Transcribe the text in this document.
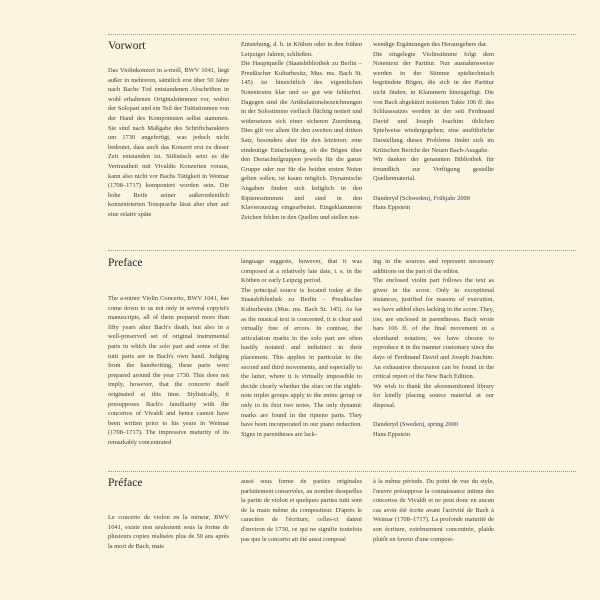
Vorwort

Das Violinkonzert in a-moll, BWV 1041, liegt außer in mehreren, sämtlich erst über 50 Jahre nach Bachs Tod entstandenen Abschriften in wohl erhaltenen Originalstimmen vor, wobei der Solopart und ein Teil der Tuttistimmen von der Hand des Komponisten selbst stammen. Sie sind nach Maßgabe des Schriftcharakters um 1730 angefertigt, was jedoch nicht bedeutet, dass auch das Konzert erst zu dieser Zeit entstanden ist. Stilistisch setzt es die Vertrautheit mit Vivaldis Konzerten voraus, kann also nicht vor Bachs Tätigkeit in Weimar (1708–1717) komponiert worden sein. Die hohe Reife seiner außerordentlich konzentrierten Tonsprache lässt aber eher auf eine relativ späte

Entstehung, d. h. in Köthen oder in den frühen Leipziger Jahren, schließen.
Die Hauptquelle (Staatsbibliothek zu Berlin – Preußischer Kulturbesitz, Mus. ms. Bach St. 145) ist hinsichtlich des eigentlichen Notentextes klar und so gut wie fehlerfrei. Dagegen sind die Artikulationsbezeichnungen in der Solostimme vielfach flüchtig notiert und widersetzen sich einer sicheren Zuordnung. Dies gilt vor allem für den zweiten und dritten Satz, besonders aber für den letzteren: eine eindeutige Entscheidung, ob die Bögen über den Dreiachtelgruppen jeweils für die ganze Gruppe oder nur für die beiden ersten Noten gelten sollen, ist kaum möglich. Dynamische Angaben finden sich lediglich in den Ripienostimmen und sind in den Klavierauszug eingearbeitet. Eingeklammerte Zeichen fehlen in den Quellen und stellen not-

wendige Ergänzungen des Herausgebers dar.
Die eingelegte Violinstimme folgt dem Notentext der Partitur. Nur ausnahmsweise werden in der Stimme spieltechnisch begründete Bögen, die sich in der Partitur nicht finden, in Klammern hinzugefügt. Die von Bach abgekürzt notierten Takte 106 ff. des Schlusssatzes werden in der seit Ferdinand David und Joseph Joachim üblichen Spielweise wiedergegeben; eine ausführliche Darstellung dieses Problems findet sich im Kritischen Bericht der Neuen Bach-Ausgabe.
Wir danken der genannten Bibliothek für freundlich zur Verfügung gestellte Quellenmaterial.

Danderyd (Schweden), Frühjahr 2000
Hans Eppstein

Preface

The a-minor Violin Concerto, BWV 1041, has come down to us not only in several copyist's manuscripts, all of them prepared more than fifty years after Bach's death, but also in a well-preserved set of original instrumental parts in which the solo part and some of the tutti parts are in Bach's own hand. Judging from the handwriting, these parts were prepared around the year 1730. This does not imply, however, that the concerto itself originated at this time. Stylistically, it presupposes Bach's familiarity with the concertos of Vivaldi and hence cannot have been written prior to his years in Weimar (1708–1717). The impressive maturity of its remarkably concentrated

language suggests, however, that it was composed at a relatively late date, i. e. in the Köthen or early Leipzig period.
The principal source is located today at the Staatsbibliothek zu Berlin – Preußischer Kulturbesitz (Mus. ms. Bach St. 145). As far as the musical text is concerned, it is clear and virtually free of errors. In contrast, the articulation marks in the solo part are often hastily notated and indistinct in their placement. This applies in particular to the second and third movements, and especially to the latter, where it is virtually impossible to decide clearly whether the slurs on the eighth-note triplet groups apply to the entire group or only to its first two notes. The only dynamic marks are found in the ripieno parts. They have been incorporated in our piano reduction. Signs in parentheses are lack-

ing in the sources and represent necessary additions on the part of the editor.
The enclosed violin part follows the text as given in the score. Only in exceptional instances, justified for reasons of execution, we have added slurs lacking in the score. They, too, are enclosed in parentheses. Bach wrote bars 106 ff. of the final movement in a shorthand notation; we have chosen to reproduce it in the manner customary since the days of Ferdinand David and Joseph Joachim. An exhaustive discussion can be found in the critical report of the New Bach Edition.
We wish to thank the aforementioned library for kindly placing source material at our disposal.

Danderyd (Sweden), spring 2000
Hans Eppstein

Préface

Le concerto de violon en la mineur, BWV 1041, existe non seulement sous la forme de plusieurs copies réalisées plus de 50 ans après la mort de Bach, mais

aussi sous forme de parties originales parfaitement conservées, au nombre desquelles la partie de violon et quelques parties tutti sont de la main même du compositeur. D'après le caractère de l'écriture, celles-ci datent d'environ de 1730, ce qui ne signifie toutefois pas que le concerto ait été aussi composé

à la même période. Du point de vue du style, l'œuvre présuppose la connaissance intime des concertos de Vivaldi et ne peut donc en aucun cas avoir été écrite avant l'activité de Bach à Weimar (1708–1717). La profonde maturité de son écriture, extrêmement concentrée, plaide plutôt en faveur d'une composi-
